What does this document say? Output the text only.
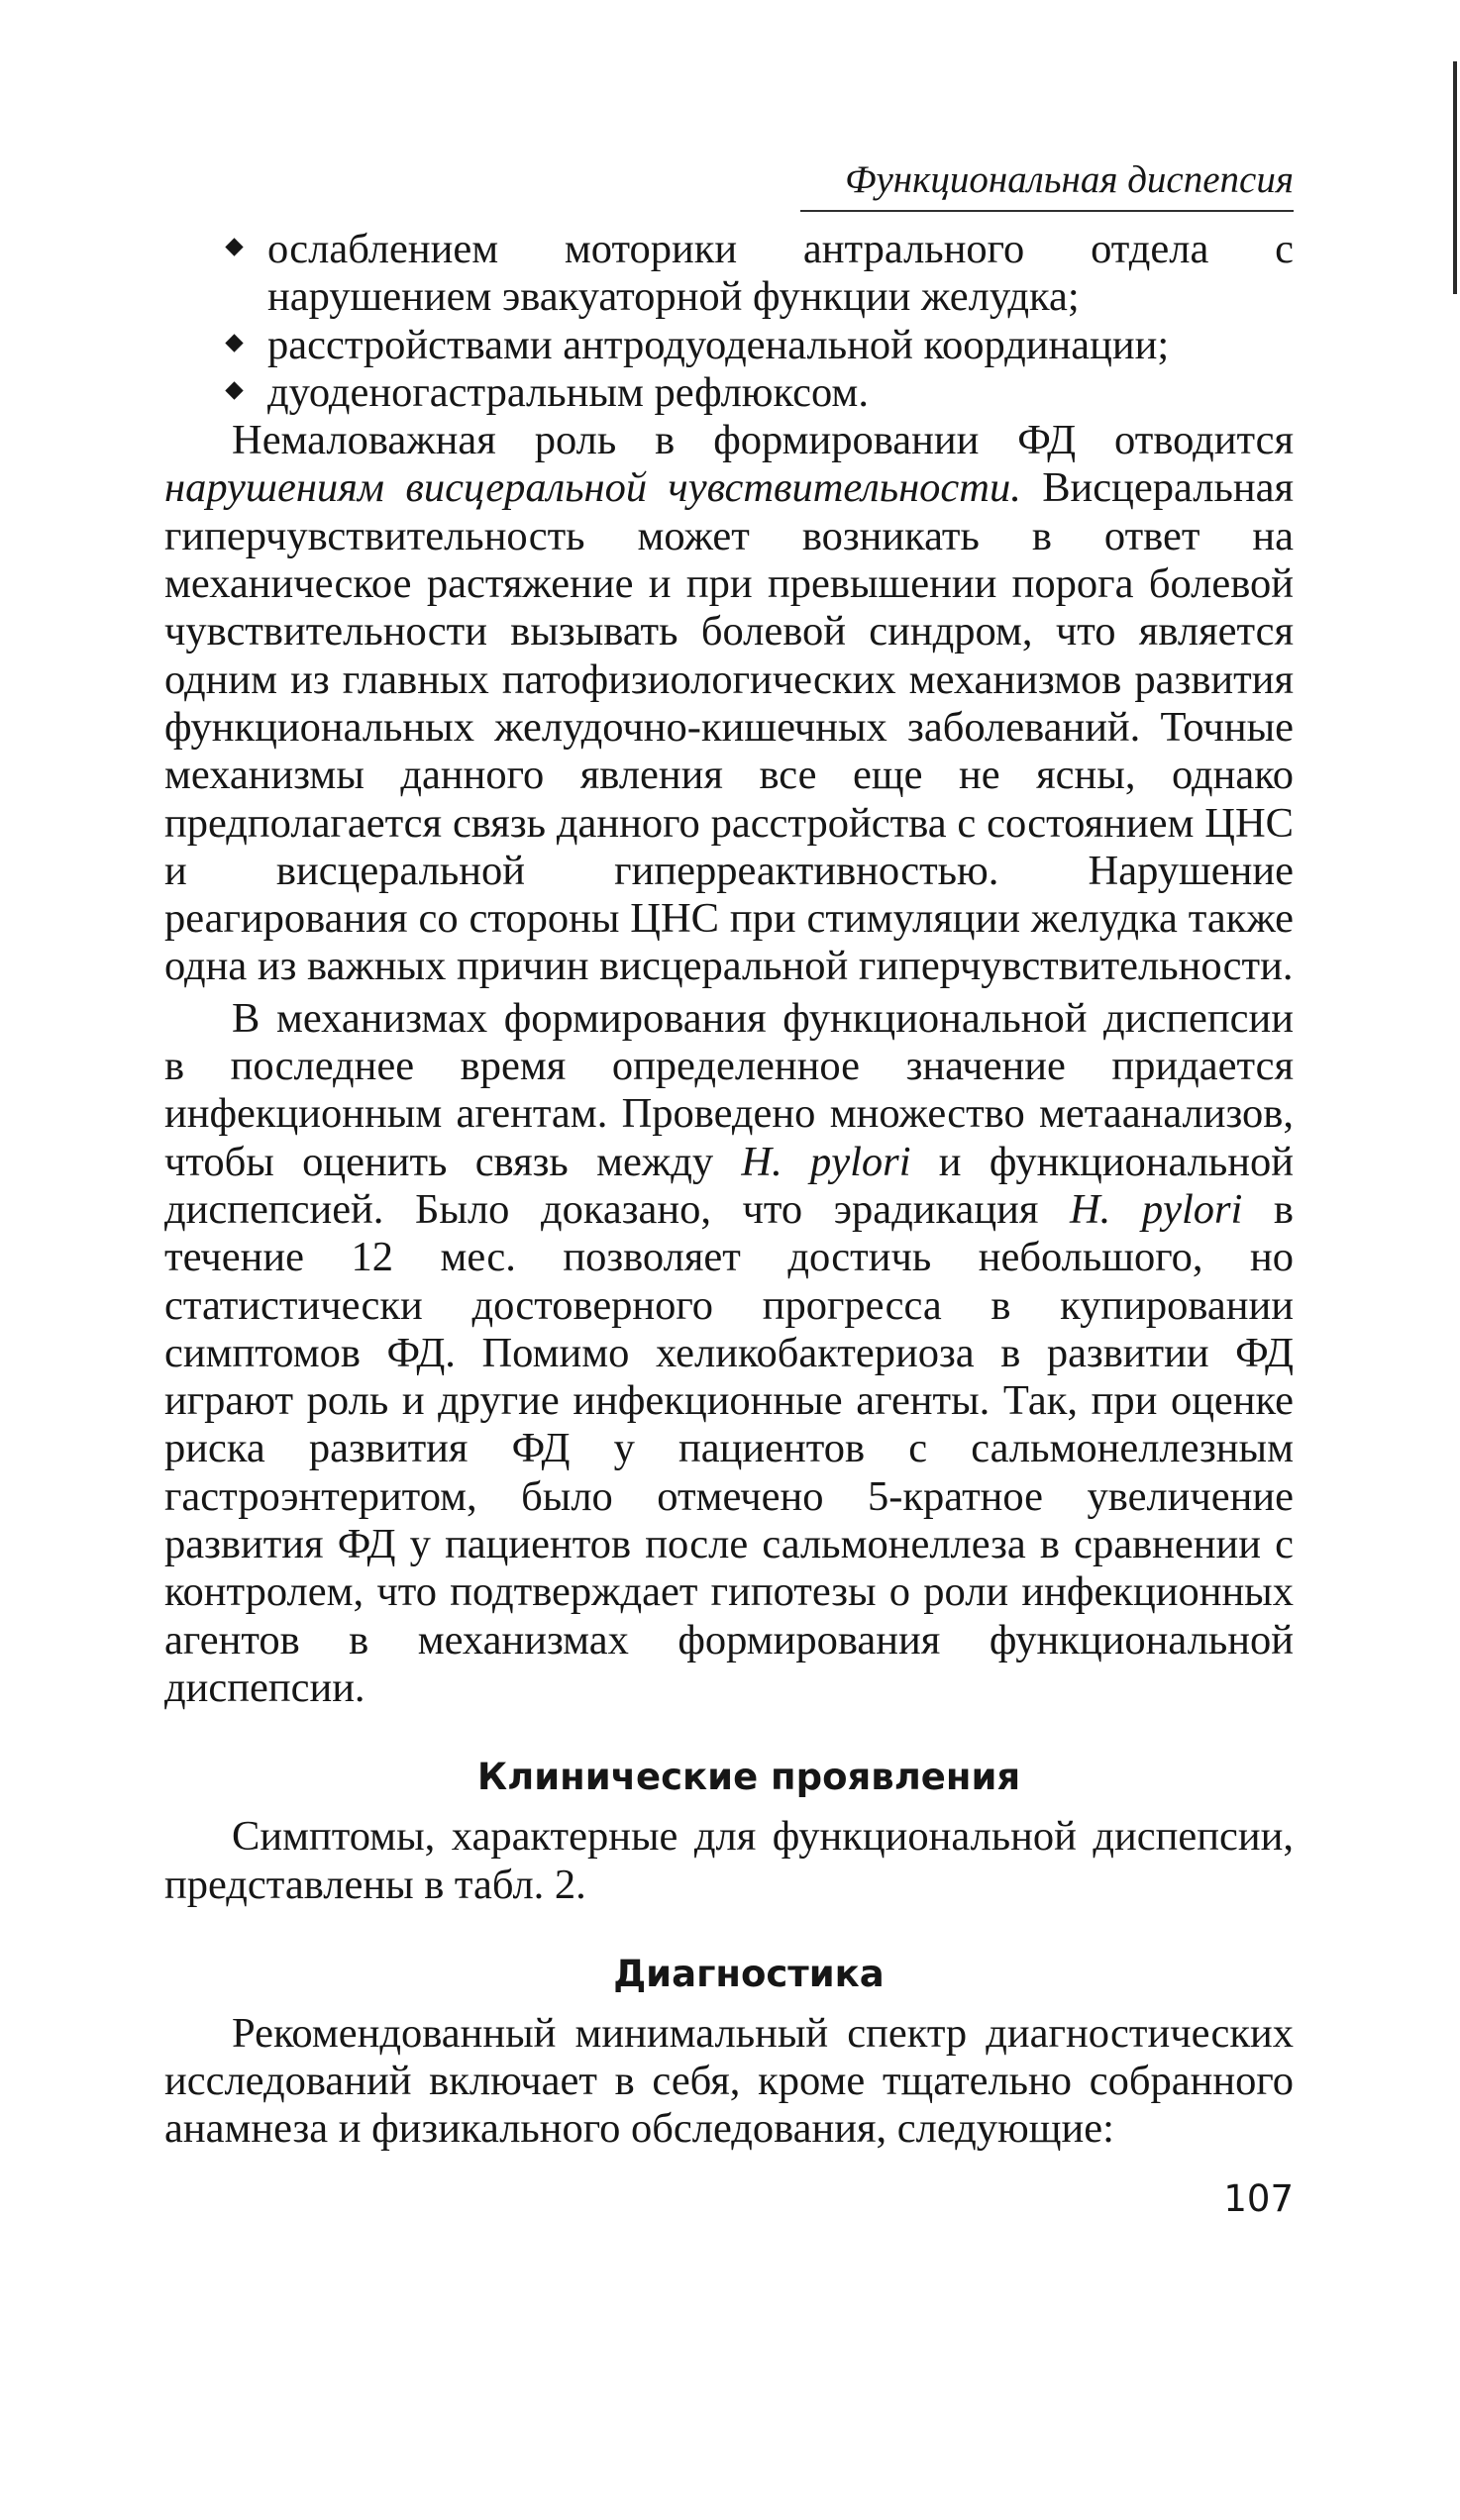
Функциональная диспепсия
ослаблением моторики антрального отдела с нарушением эвакуаторной функции желудка;
расстройствами антродуоденальной координации;
дуоденогастральным рефлюксом.

Немаловажная роль в формировании ФД отводится нарушениям висцеральной чувствительности. Висцеральная гиперчувствительность может возникать в ответ на механическое растяжение и при превышении порога болевой чувствительности вызывать болевой синдром, что является одним из главных патофизиологических механизмов развития функциональных желудочно-кишечных заболеваний. Точные механизмы данного явления все еще не ясны, однако предполагается связь данного расстройства с состоянием ЦНС и висцеральной гиперреактивностью. Нарушение реагирования со стороны ЦНС при стимуляции желудка также одна из важных причин висцеральной гиперчувствительности.

В механизмах формирования функциональной диспепсии в последнее время определенное значение придается инфекционным агентам. Проведено множество метаанализов, чтобы оценить связь между H. pylori и функциональной диспепсией. Было доказано, что эрадикация H. pylori в течение 12 мес. позволяет достичь небольшого, но статистически достоверного прогресса в купировании симптомов ФД. Помимо хеликобактериоза в развитии ФД играют роль и другие инфекционные агенты. Так, при оценке риска развития ФД у пациентов с сальмонеллезным гастроэнтеритом, было отмечено 5-кратное увеличение развития ФД у пациентов после сальмонеллеза в сравнении с контролем, что подтверждает гипотезы о роли инфекционных агентов в механизмах формирования функциональной диспепсии.

Клинические проявления

Симптомы, характерные для функциональной диспепсии, представлены в табл. 2.

Диагностика

Рекомендованный минимальный спектр диагностических исследований включает в себя, кроме тщательно собранного анамнеза и физикального обследования, следующие:

107
